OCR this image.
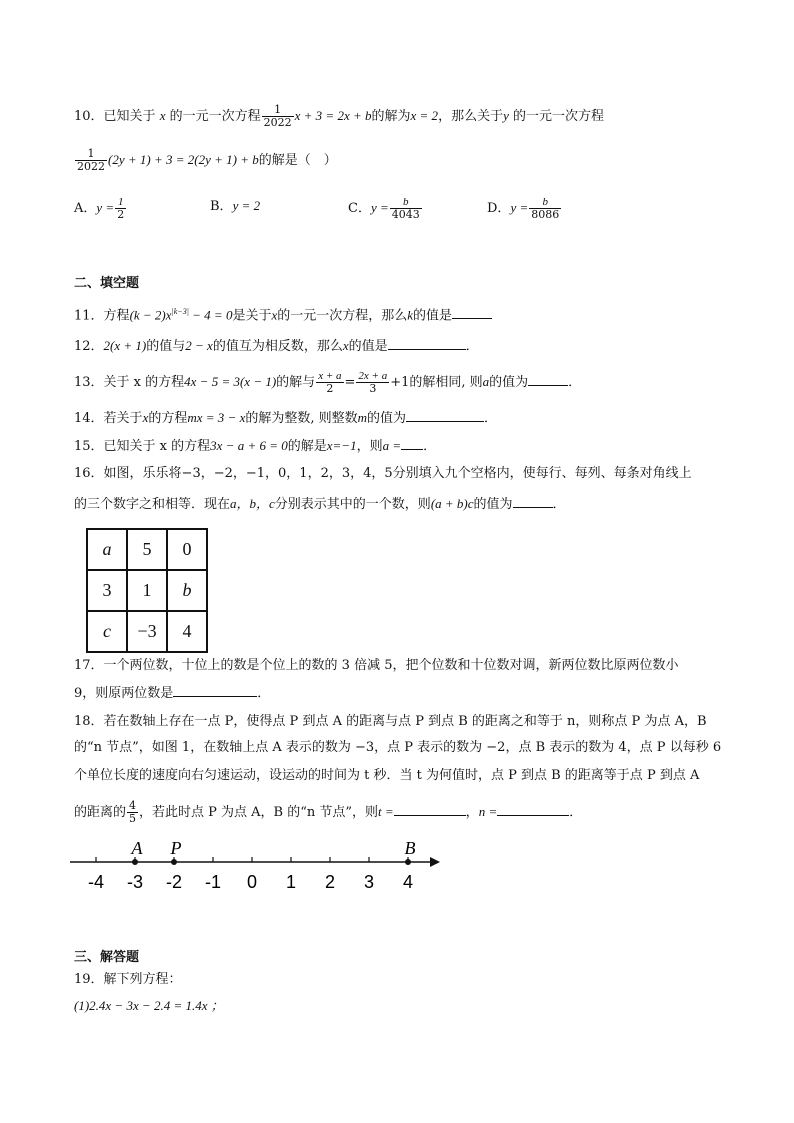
10．已知关于 x 的一元一次方程 $\frac{1}{2022}$ x + 3 = 2x + b的解为x = 2，那么关于y 的一元一次方程
$\frac{1}{2022} (2y + 1) + 3 = 2(2y + 1) + b$的解是（　）
A．$y = \frac{1}{2}$	B．y = 2	C．$y = \frac{b}{4043}$	D．$y = \frac{b}{8086}$
二、填空题
11．方程$(k - 2)x^{|k-3|} - 4 = 0$是关于x的一元一次方程，那么k的值是
12．2(x + 1)的值与2 − x的值互为相反数，那么x的值是	．
13．关于 x 的方程4x − 5 = 3(x − 1)的解与 $\frac{x + a}{2} = \frac{2x + a}{3} +1$的解相同, 则a的值为	．
14．若关于x的方程mx = 3 − x的解为整数, 则整数m的值为	．
15．已知关于 x 的方程3x − a + 6 = 0的解是x=−1，则a = ．
16．如图，乐乐将−3，−2，−1，0，1，2，3，4，5分别填入九个空格内，使每行、每列、每条对角线上
的三个数字之和相等．现在a，b，c分别表示其中的一个数，则(a + b)c的值为	．
a	5	0
3	1	b
c	−3	4
17．一个两位数，十位上的数是个位上的数的 3 倍减 5，把个位数和十位数对调，新两位数比原两位数小
9，则原两位数是	．
18．若在数轴上存在一点 P，使得点 P 到点 A 的距离与点 P 到点 B 的距离之和等于 n，则称点 P 为点 A，B
的“n 节点”，如图 1，在数轴上点 A 表示的数为 −3，点 P 表示的数为 −2，点 B 表示的数为 4，点 P 以每秒 6
个单位长度的速度向右匀速运动，设运动的时间为 t 秒．当 t 为何值时，点 P 到点 B 的距离等于点 P 到点 A
的距离的 $\frac{4}{5}$ ，若此时点 P 为点 A，B 的“n 节点”，则t =	，n =	．
-4 -3 -2 -1 0 1 2 3 4
A P	B
三、解答题
19．解下列方程：
(1)2.4x − 3x − 2.4 = 1.4x ；
